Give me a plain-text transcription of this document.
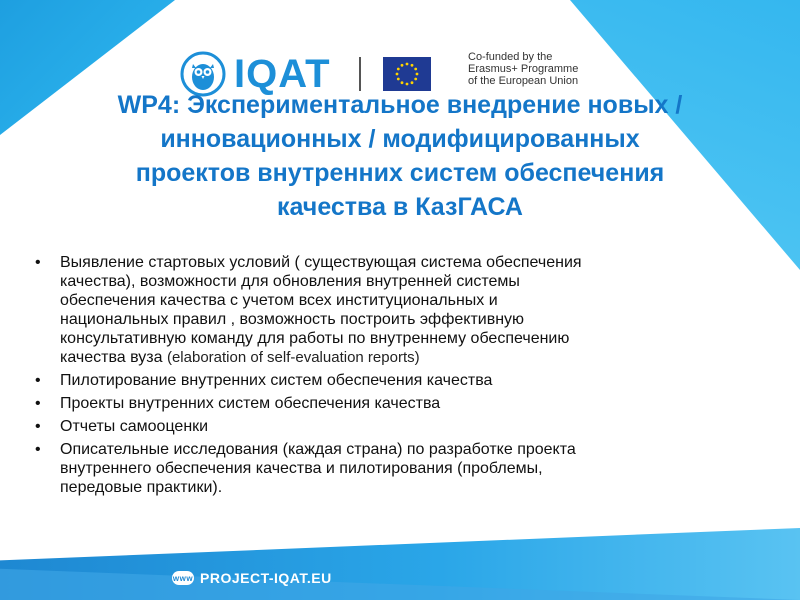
IQAT	Co-funded by the
Erasmus+ Programme
of the European Union
WP4: Экспериментальное внедрение новых /
инновационных / модифицированных
проектов внутренних систем обеспечения
качества в КазГАСА
• Выявление стартовых условий ( существующая система обеспечения
качества), возможности для обновления внутренней системы
обеспечения качества с учетом всех институциональных и
национальных правил , возможность построить эффективную
консультативную команду для работы по внутреннему обеспечению
качества вуза (elaboration of self-evaluation reports)
• Пилотирование внутренних систем обеспечения качества
• Проекты внутренних систем обеспечения качества
• Отчеты самооценки
• Описательные исследования (каждая страна) по разработке проекта
внутреннего обеспечения качества и пилотирования (проблемы,
передовые практики).
www PROJECT-IQAT.EU
